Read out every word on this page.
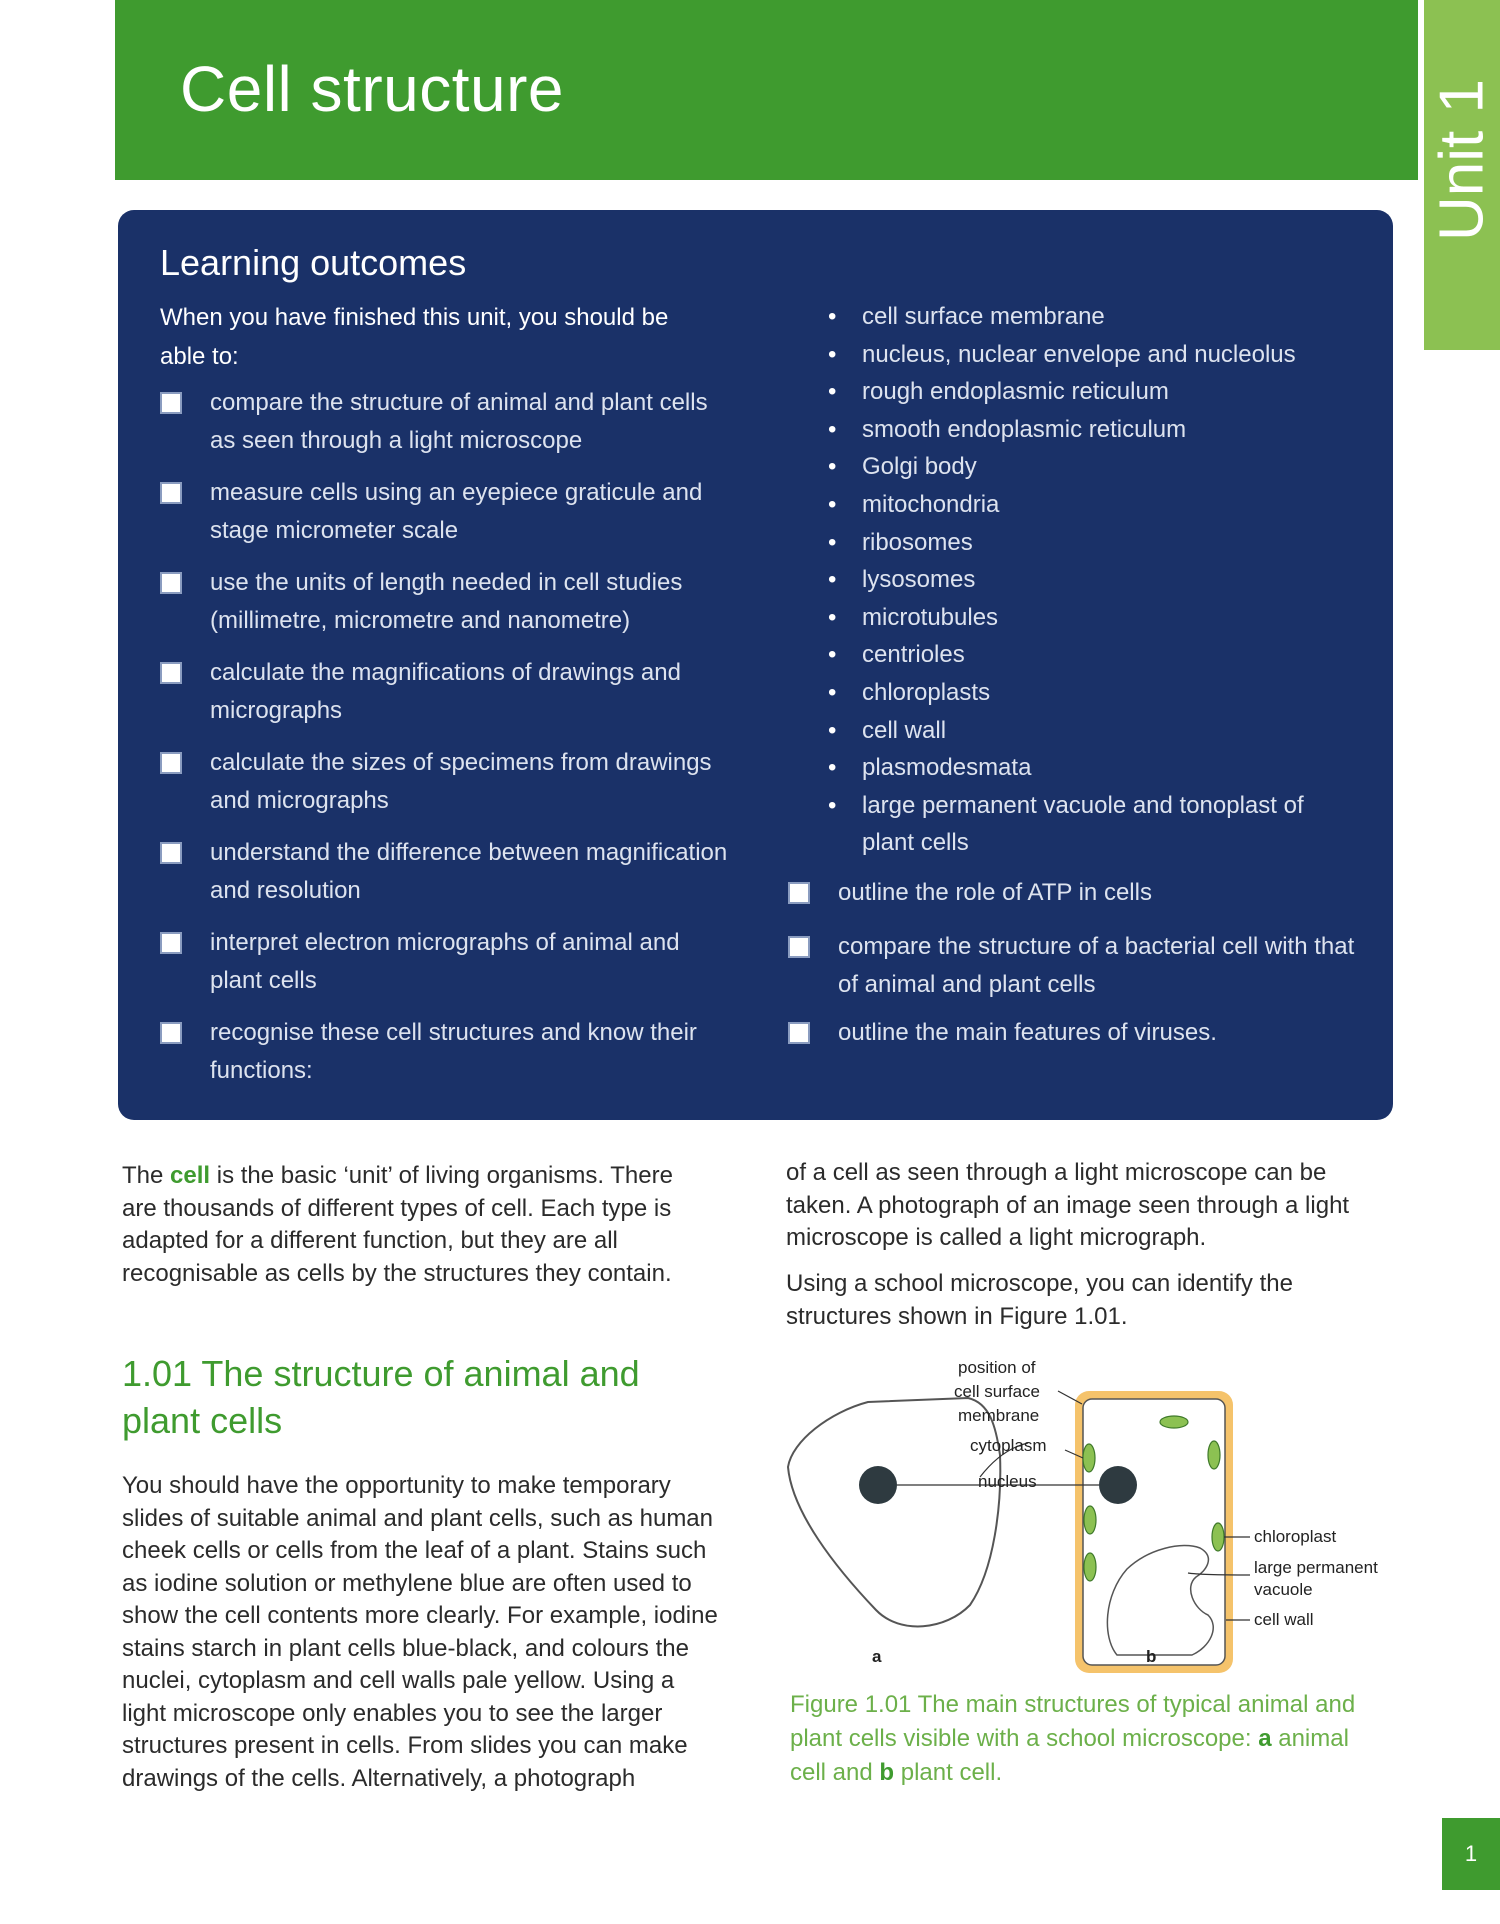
Cell structure	Unit 1
Learning outcomes

When you have finished this unit, you should be able to:

compare the structure of animal and plant cells as seen through a light microscope
measure cells using an eyepiece graticule and stage micrometer scale
use the units of length needed in cell studies (millimetre, micrometre and nanometre)
calculate the magnifications of drawings and micrographs
calculate the sizes of specimens from drawings and micrographs
understand the difference between magnification and resolution
interpret electron micrographs of animal and plant cells
recognise these cell structures and know their functions:
• cell surface membrane
• nucleus, nuclear envelope and nucleolus
• rough endoplasmic reticulum
• smooth endoplasmic reticulum
• Golgi body
• mitochondria
• ribosomes
• lysosomes
• microtubules
• centrioles
• chloroplasts
• cell wall
• plasmodesmata
• large permanent vacuole and tonoplast of plant cells
outline the role of ATP in cells
compare the structure of a bacterial cell with that of animal and plant cells
outline the main features of viruses.

The cell is the basic ‘unit’ of living organisms. There are thousands of different types of cell. Each type is adapted for a different function, but they are all recognisable as cells by the structures they contain.

1.01 The structure of animal and plant cells

You should have the opportunity to make temporary slides of suitable animal and plant cells, such as human cheek cells or cells from the leaf of a plant. Stains such as iodine solution or methylene blue are often used to show the cell contents more clearly. For example, iodine stains starch in plant cells blue-black, and colours the nuclei, cytoplasm and cell walls pale yellow. Using a light microscope only enables you to see the larger structures present in cells. From slides you can make drawings of the cells. Alternatively, a photograph

of a cell as seen through a light microscope can be taken. A photograph of an image seen through a light microscope is called a light micrograph.

Using a school microscope, you can identify the structures shown in Figure 1.01.

position of
cell surface
membrane
cytoplasm
nucleus
chloroplast
large permanent
vacuole
cell wall
a	b

Figure 1.01 The main structures of typical animal and plant cells visible with a school microscope: a animal cell and b plant cell.

1
